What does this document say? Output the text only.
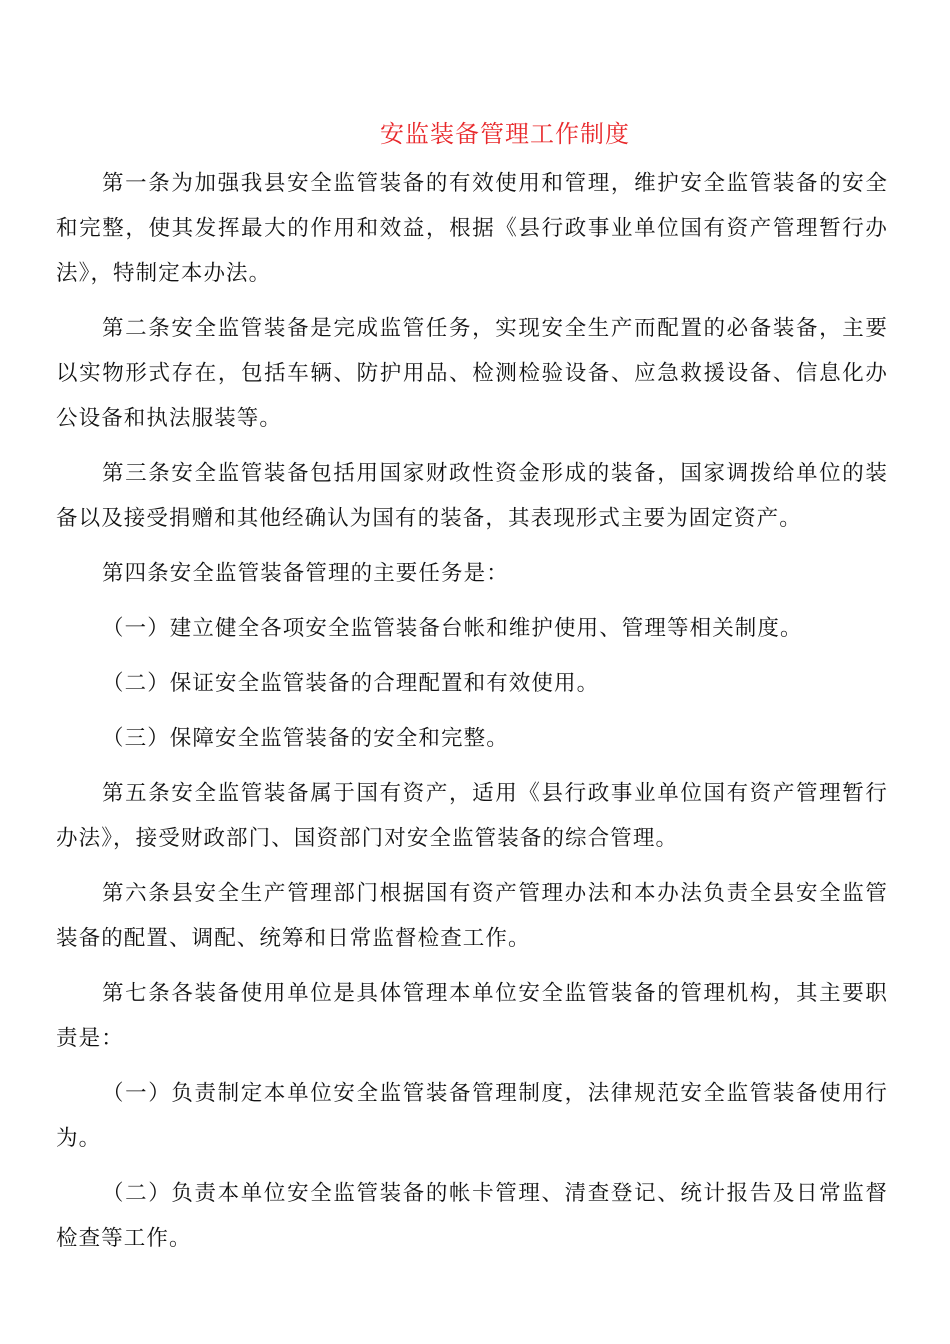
安监装备管理工作制度

第一条为加强我县安全监管装备的有效使用和管理，维护安全监管装备的安全和完整，使其发挥最大的作用和效益，根据《县行政事业单位国有资产管理暂行办法》，特制定本办法。

第二条安全监管装备是完成监管任务，实现安全生产而配置的必备装备，主要以实物形式存在，包括车辆、防护用品、检测检验设备、应急救援设备、信息化办公设备和执法服装等。

第三条安全监管装备包括用国家财政性资金形成的装备，国家调拨给单位的装备以及接受捐赠和其他经确认为国有的装备，其表现形式主要为固定资产。

第四条安全监管装备管理的主要任务是：

（一）建立健全各项安全监管装备台帐和维护使用、管理等相关制度。

（二）保证安全监管装备的合理配置和有效使用。

（三）保障安全监管装备的安全和完整。

第五条安全监管装备属于国有资产，适用《县行政事业单位国有资产管理暂行办法》，接受财政部门、国资部门对安全监管装备的综合管理。

第六条县安全生产管理部门根据国有资产管理办法和本办法负责全县安全监管装备的配置、调配、统筹和日常监督检查工作。

第七条各装备使用单位是具体管理本单位安全监管装备的管理机构，其主要职责是：

（一）负责制定本单位安全监管装备管理制度，法律规范安全监管装备使用行为。

（二）负责本单位安全监管装备的帐卡管理、清查登记、统计报告及日常监督检查等工作。
